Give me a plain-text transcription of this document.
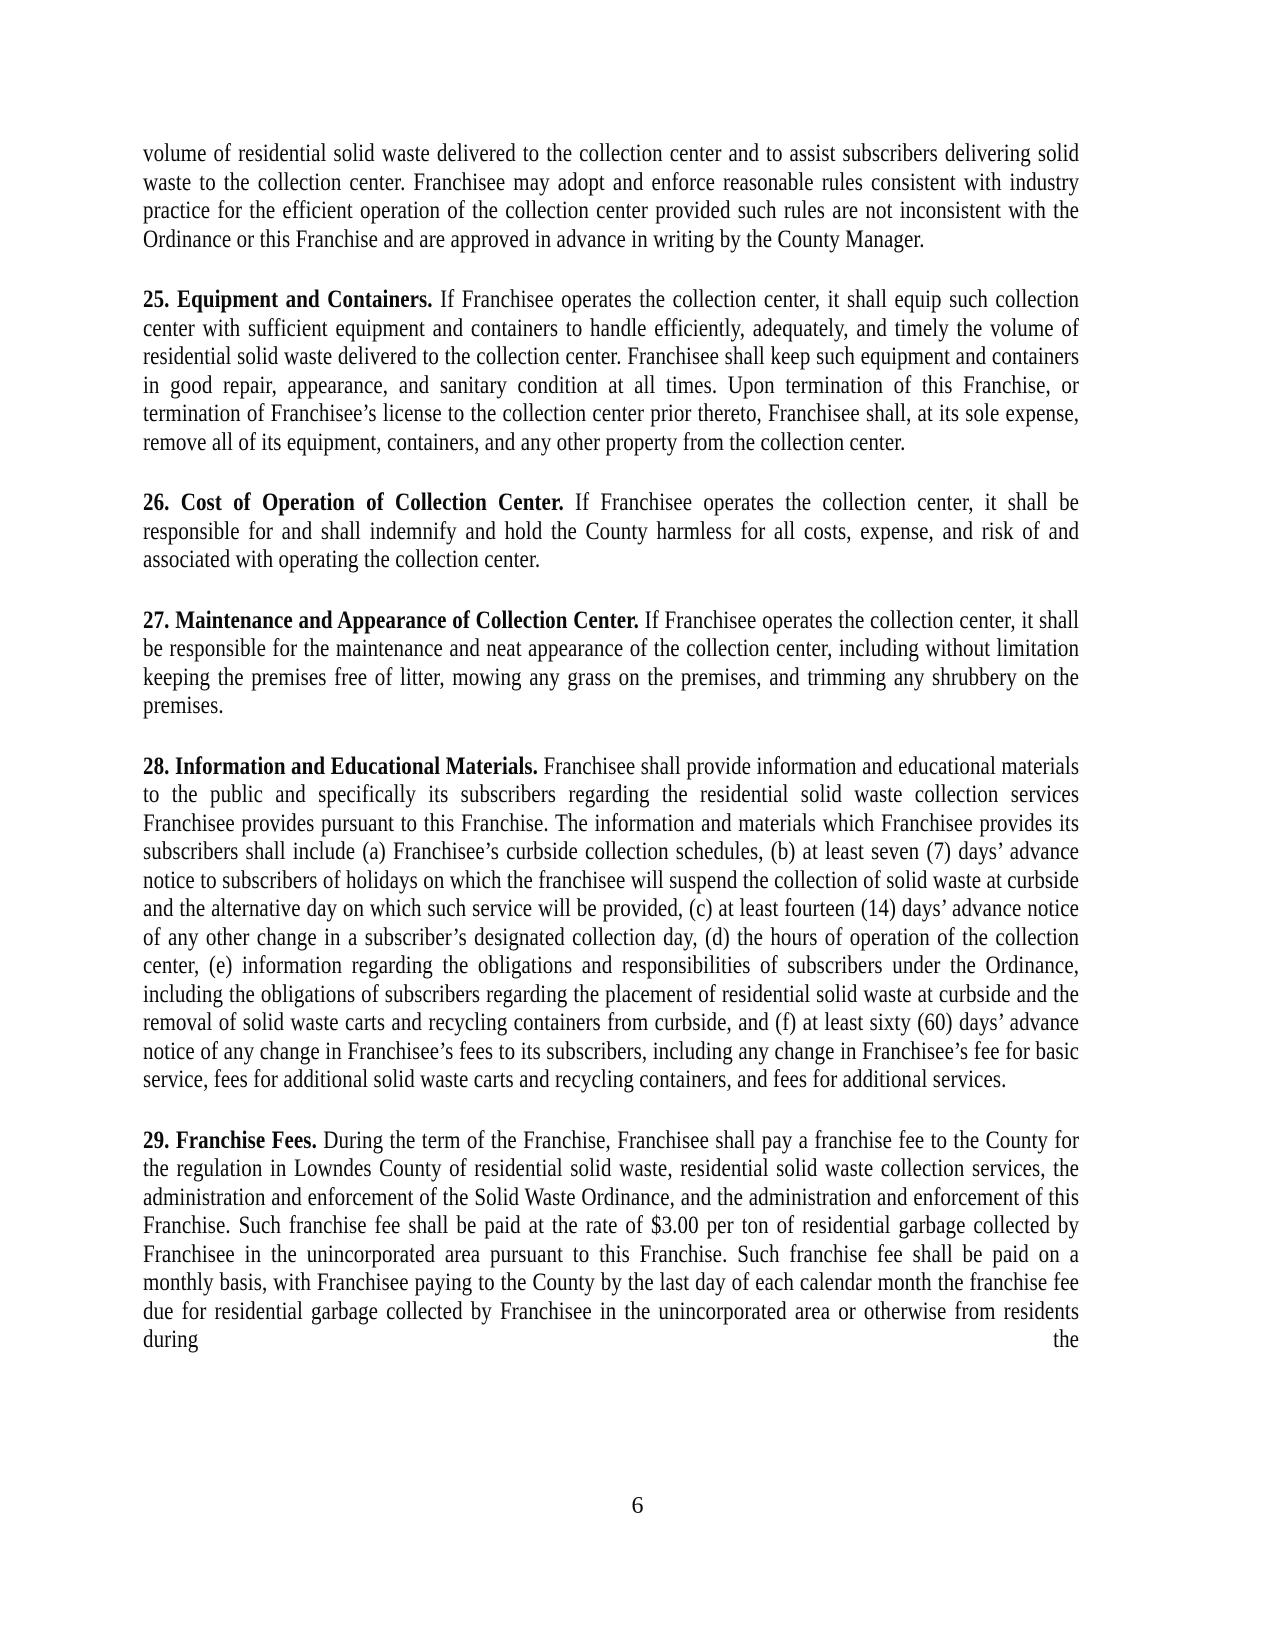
volume of residential solid waste delivered to the collection center and to assist subscribers delivering solid waste to the collection center. Franchisee may adopt and enforce reasonable rules consistent with industry practice for the efficient operation of the collection center provided such rules are not inconsistent with the Ordinance or this Franchise and are approved in advance in writing by the County Manager.

25. Equipment and Containers. If Franchisee operates the collection center, it shall equip such collection center with sufficient equipment and containers to handle efficiently, adequately, and timely the volume of residential solid waste delivered to the collection center. Franchisee shall keep such equipment and containers in good repair, appearance, and sanitary condition at all times. Upon termination of this Franchise, or termination of Franchisee’s license to the collection center prior thereto, Franchisee shall, at its sole expense, remove all of its equipment, containers, and any other property from the collection center.

26. Cost of Operation of Collection Center. If Franchisee operates the collection center, it shall be responsible for and shall indemnify and hold the County harmless for all costs, expense, and risk of and associated with operating the collection center.

27. Maintenance and Appearance of Collection Center. If Franchisee operates the collection center, it shall be responsible for the maintenance and neat appearance of the collection center, including without limitation keeping the premises free of litter, mowing any grass on the premises, and trimming any shrubbery on the premises.

28. Information and Educational Materials. Franchisee shall provide information and educational materials to the public and specifically its subscribers regarding the residential solid waste collection services Franchisee provides pursuant to this Franchise. The information and materials which Franchisee provides its subscribers shall include (a) Franchisee’s curbside collection schedules, (b) at least seven (7) days’ advance notice to subscribers of holidays on which the franchisee will suspend the collection of solid waste at curbside and the alternative day on which such service will be provided, (c) at least fourteen (14) days’ advance notice of any other change in a subscriber’s designated collection day, (d) the hours of operation of the collection center, (e) information regarding the obligations and responsibilities of subscribers under the Ordinance, including the obligations of subscribers regarding the placement of residential solid waste at curbside and the removal of solid waste carts and recycling containers from curbside, and (f) at least sixty (60) days’ advance notice of any change in Franchisee’s fees to its subscribers, including any change in Franchisee’s fee for basic service, fees for additional solid waste carts and recycling containers, and fees for additional services.

29. Franchise Fees. During the term of the Franchise, Franchisee shall pay a franchise fee to the County for the regulation in Lowndes County of residential solid waste, residential solid waste collection services, the administration and enforcement of the Solid Waste Ordinance, and the administration and enforcement of this Franchise. Such franchise fee shall be paid at the rate of $3.00 per ton of residential garbage collected by Franchisee in the unincorporated area pursuant to this Franchise. Such franchise fee shall be paid on a monthly basis, with Franchisee paying to the County by the last day of each calendar month the franchise fee due for residential garbage collected by Franchisee in the unincorporated area or otherwise from residents during the

6
